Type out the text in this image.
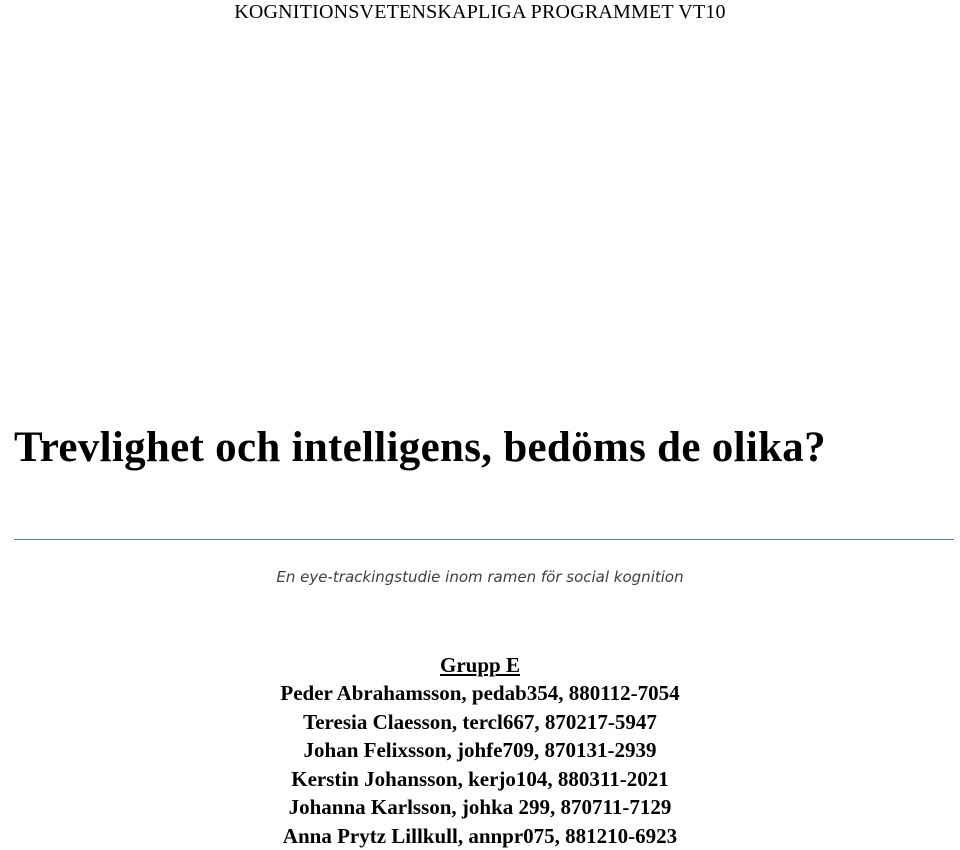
KOGNITIONSVETENSKAPLIGA PROGRAMMET VT10
Trevlighet och intelligens, bedöms de olika?
En eye-trackingstudie inom ramen för social kognition
Grupp E
Peder Abrahamsson, pedab354, 880112-7054
Teresia Claesson, tercl667, 870217-5947
Johan Felixsson, johfe709, 870131-2939
Kerstin Johansson, kerjo104, 880311-2021
Johanna Karlsson, johka 299, 870711-7129
Anna Prytz Lillkull, annpr075, 881210-6923
